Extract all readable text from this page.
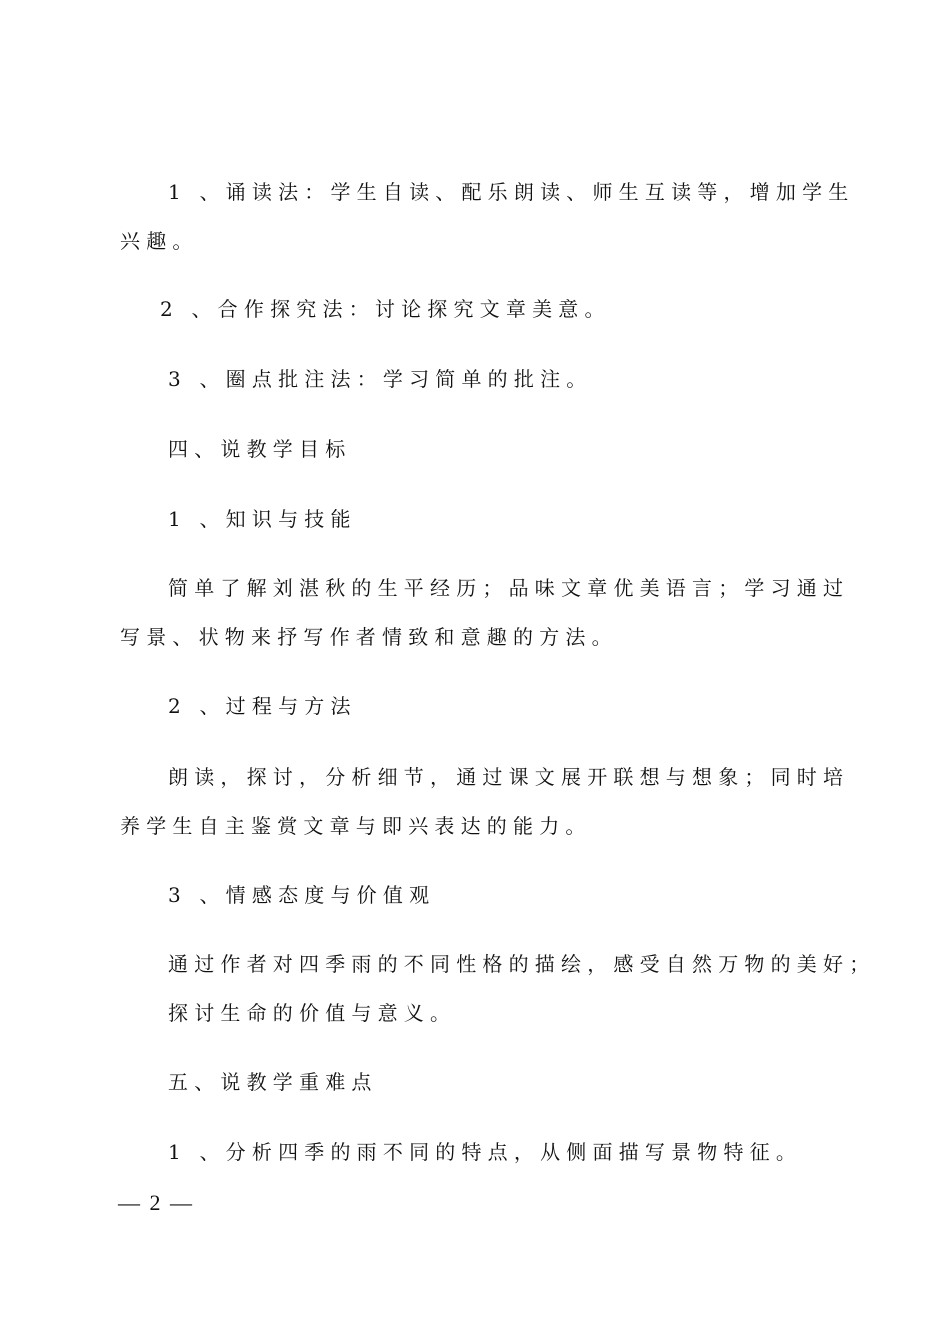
1 、诵读法：学生自读、配乐朗读、师生互读等，增加学生
兴趣。
2 、合作探究法：讨论探究文章美意。
3 、圈点批注法：学习简单的批注。
四、说教学目标
1 、知识与技能
简单了解刘湛秋的生平经历；品味文章优美语言；学习通过
写景、状物来抒写作者情致和意趣的方法。
2 、过程与方法
朗读，探讨，分析细节，通过课文展开联想与想象；同时培
养学生自主鉴赏文章与即兴表达的能力。
3 、情感态度与价值观
通过作者对四季雨的不同性格的描绘，感受自然万物的美好；
探讨生命的价值与意义。
五、说教学重难点
1 、分析四季的雨不同的特点，从侧面描写景物特征。
— 2 —
